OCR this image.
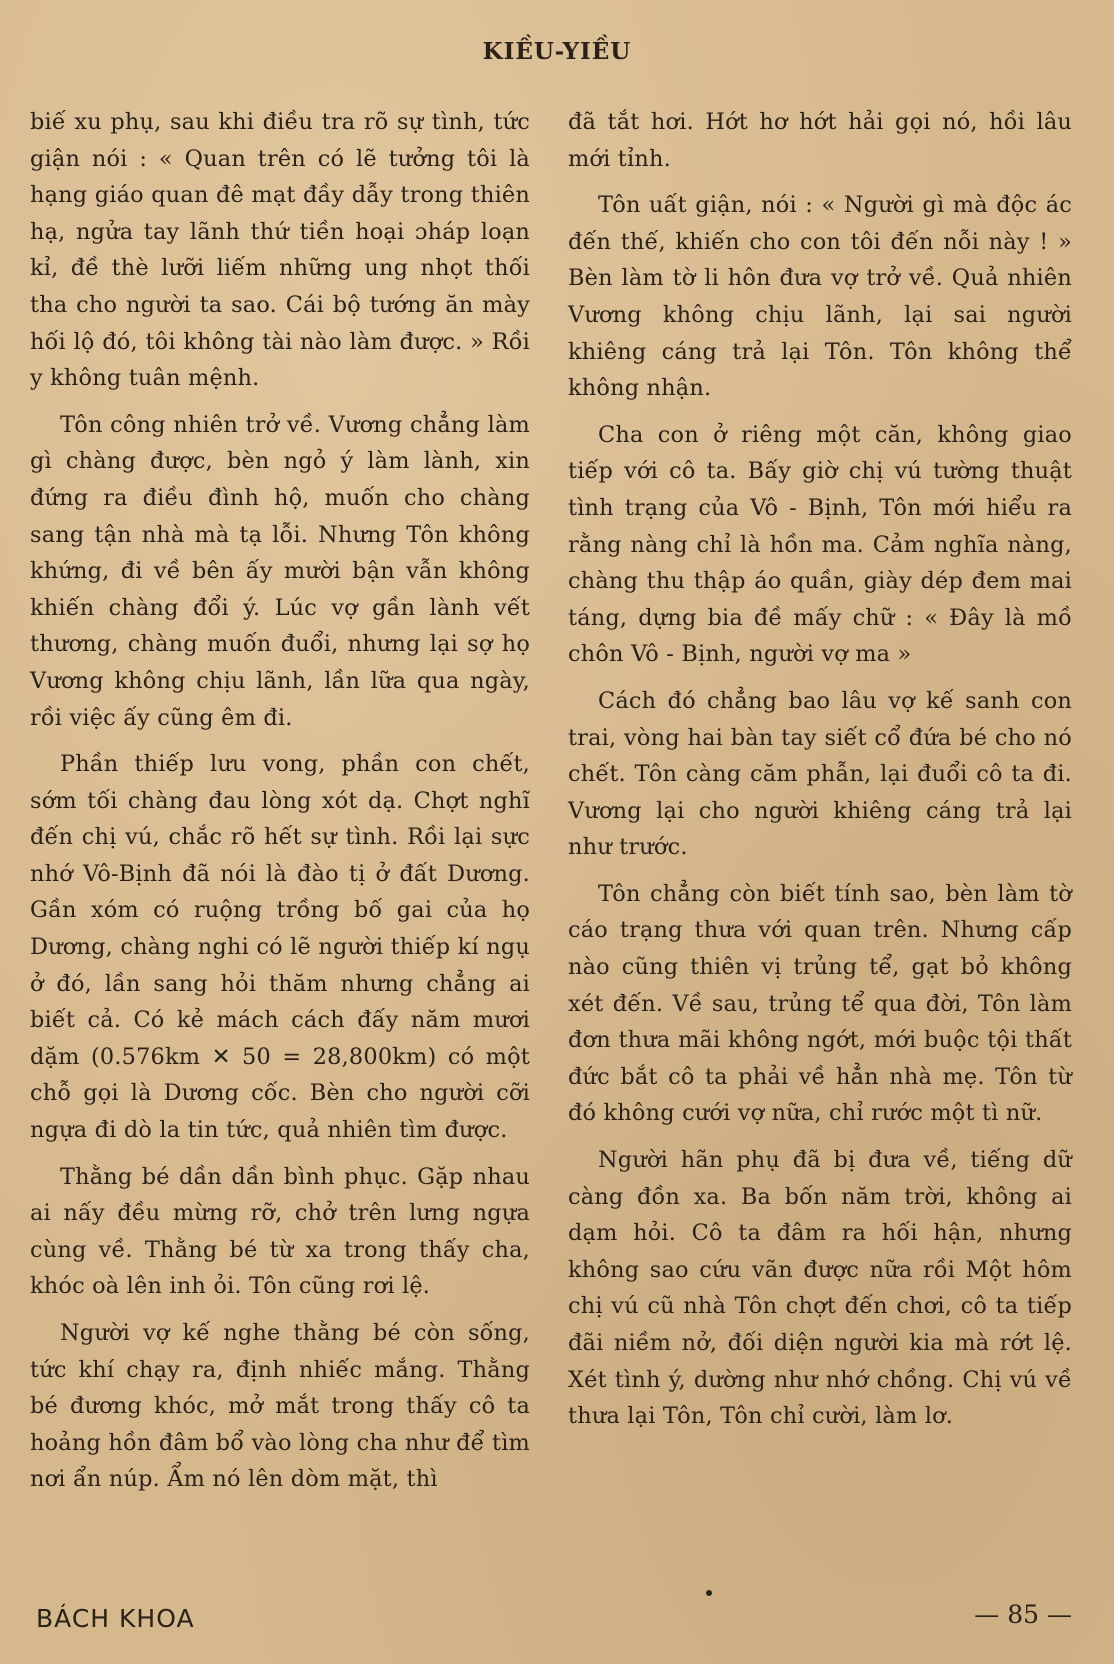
KIỀU-YIỀU

biế xu phụ, sau khi điều tra rõ sự tình, tức giận nói : « Quan trên có lẽ tưởng tôi là hạng giáo quan đê mạt đầy dẫy trong thiên hạ, ngửa tay lãnh thứ tiền hoại ɔháp loạn kỉ, đề thè lưỡi liếm những ung nhọt thối tha cho người ta sao. Cái bộ tướng ăn mày hối lộ đó, tôi không tài nào làm được. » Rồi y không tuân mệnh.

Tôn công nhiên trở về. Vương chẳng làm gì chàng được, bèn ngỏ ý làm lành, xin đứng ra điều đình hộ, muốn cho chàng sang tận nhà mà tạ lỗi. Nhưng Tôn không khứng, đi về bên ấy mười bận vẫn không khiến chàng đổi ý. Lúc vợ gần lành vết thương, chàng muốn đuổi, nhưng lại sợ họ Vương không chịu lãnh, lần lữa qua ngày, rồi việc ấy cũng êm đi.

Phần thiếp lưu vong, phần con chết, sớm tối chàng đau lòng xót dạ. Chợt nghĩ đến chị vú, chắc rõ hết sự tình. Rồi lại sực nhớ Vô-Bịnh đã nói là đào tị ở đất Dương. Gần xóm có ruộng trồng bố gai của họ Dương, chàng nghi có lẽ người thiếp kí ngụ ở đó, lần sang hỏi thăm nhưng chẳng ai biết cả. Có kẻ mách cách đấy năm mươi dặm (0.576km ✕ 50 = 28,800km) có một chỗ gọi là Dương cốc. Bèn cho người cỡi ngựa đi dò la tin tức, quả nhiên tìm được.

Thằng bé dần dần bình phục. Gặp nhau ai nấy đều mừng rỡ, chở trên lưng ngựa cùng về. Thằng bé từ xa trong thấy cha, khóc oà lên inh ỏi. Tôn cũng rơi lệ.

Người vợ kế nghe thằng bé còn sống, tức khí chạy ra, định nhiếc mắng. Thằng bé đương khóc, mở mắt trong thấy cô ta hoảng hồn đâm bổ vào lòng cha như để tìm nơi ẩn núp. Ẩm nó lên dòm mặt, thì

đã tắt hơi. Hớt hơ hớt hải gọi nó, hồi lâu mới tỉnh.

Tôn uất giận, nói : « Người gì mà độc ác đến thế, khiến cho con tôi đến nỗi này ! » Bèn làm tờ li hôn đưa vợ trở về. Quả nhiên Vương không chịu lãnh, lại sai người khiêng cáng trả lại Tôn. Tôn không thể không nhận.

Cha con ở riêng một căn, không giao tiếp với cô ta. Bấy giờ chị vú tường thuật tình trạng của Vô - Bịnh, Tôn mới hiểu ra rằng nàng chỉ là hồn ma. Cảm nghĩa nàng, chàng thu thập áo quần, giày dép đem mai táng, dựng bia đề mấy chữ : « Đây là mồ chôn Vô - Bịnh, người vợ ma »

Cách đó chẳng bao lâu vợ kế sanh con trai, vòng hai bàn tay siết cổ đứa bé cho nó chết. Tôn càng căm phẫn, lại đuổi cô ta đi. Vương lại cho người khiêng cáng trả lại như trước.

Tôn chẳng còn biết tính sao, bèn làm tờ cáo trạng thưa với quan trên. Nhưng cấp nào cũng thiên vị trủng tể, gạt bỏ không xét đến. Về sau, trủng tể qua đời, Tôn làm đơn thưa mãi không ngớt, mới buộc tội thất đức bắt cô ta phải về hẳn nhà mẹ. Tôn từ đó không cưới vợ nữa, chỉ rước một tì nữ.

Người hãn phụ đã bị đưa về, tiếng dữ càng đồn xa. Ba bốn năm trời, không ai dạm hỏi. Cô ta đâm ra hối hận, nhưng không sao cứu vãn được nữa rồi Một hôm chị vú cũ nhà Tôn chợt đến chơi, cô ta tiếp đãi niềm nở, đối diện người kia mà rớt lệ. Xét tình ý, dường như nhớ chồng. Chị vú về thưa lại Tôn, Tôn chỉ cười, làm lơ.

BÁCH KHOA	— 85 —
